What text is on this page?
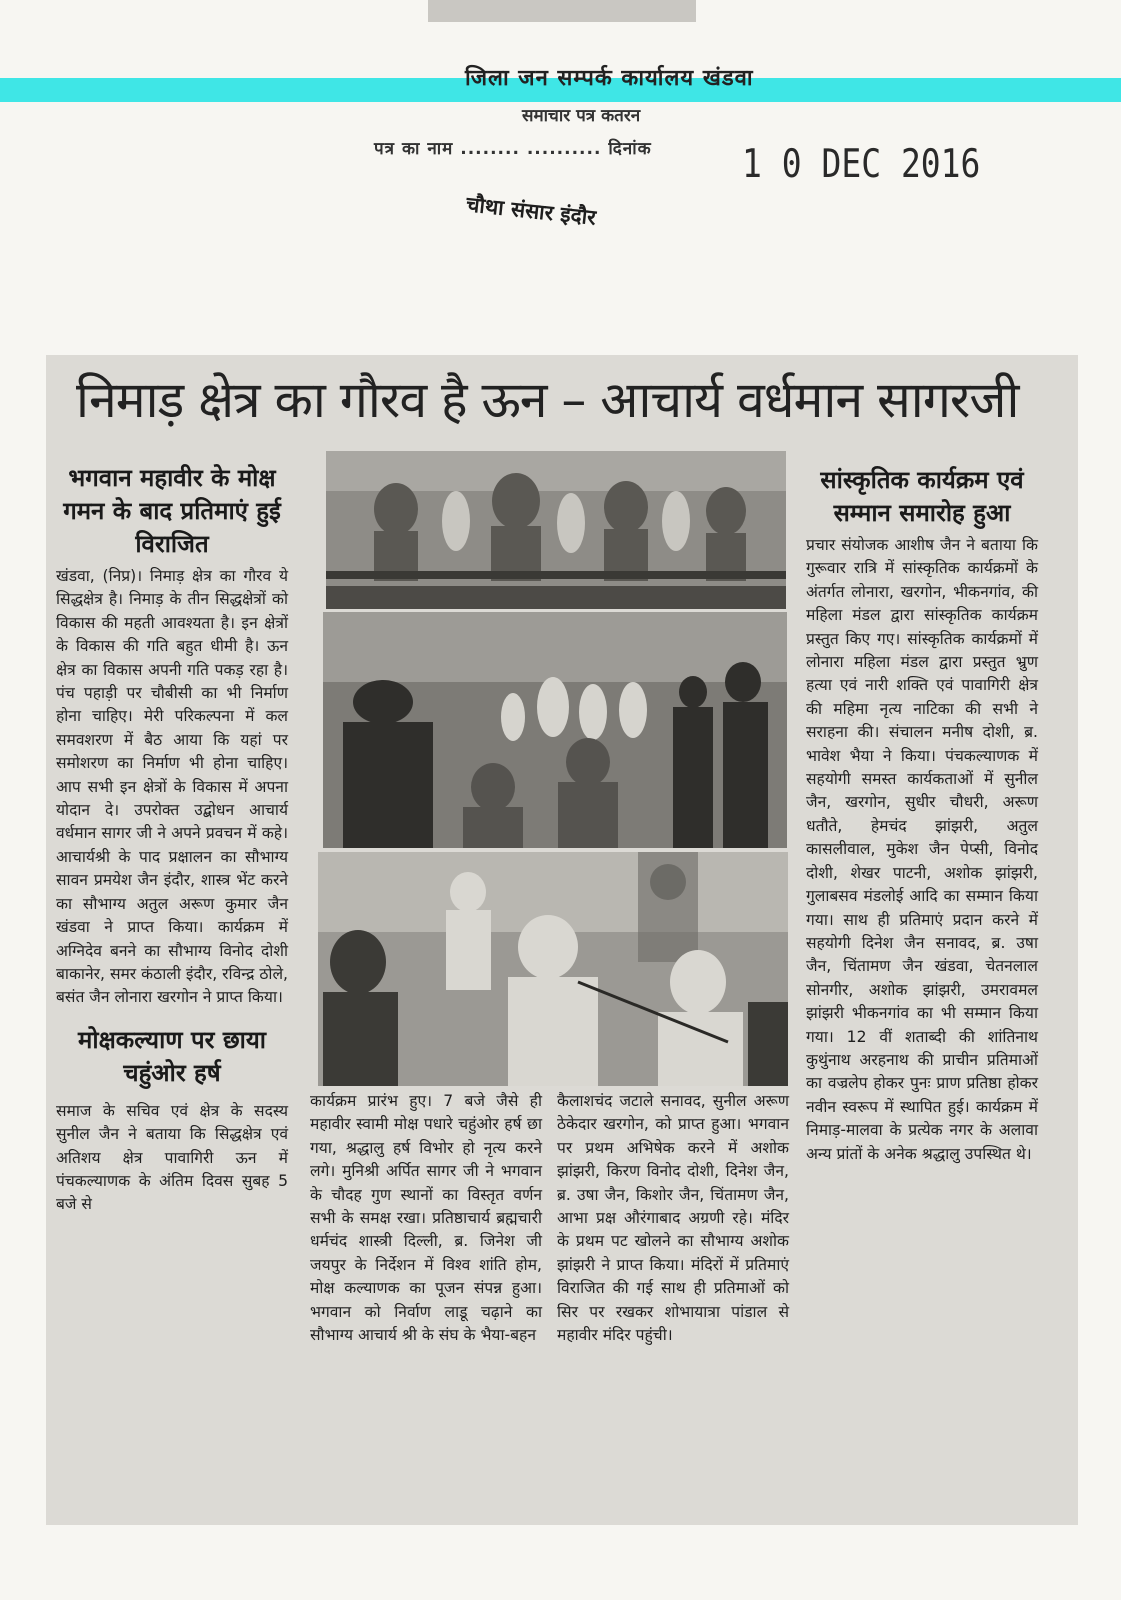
जिला जन सम्पर्क कार्यालय खंडवा
समाचार पत्र कतरन
पत्र का नाम ........ .......... दिनांक	1 0 DEC 2016
चौथा संसार इंदौर
निमाड़ क्षेत्र का गौरव है ऊन – आचार्य वर्धमान सागरजी
भगवान महावीर के मोक्ष गमन के बाद प्रतिमाएं हुई विराजित

खंडवा, (निप्र)। निमाड़ क्षेत्र का गौरव ये सिद्धक्षेत्र है। निमाड़ के तीन सिद्धक्षेत्रों को विकास की महती आवश्यता है। इन क्षेत्रों के विकास की गति बहुत धीमी है। ऊन क्षेत्र का विकास अपनी गति पकड़ रहा है। पंच पहाड़ी पर चौबीसी का भी निर्माण होना चाहिए। मेरी परिकल्पना में कल समवशरण में बैठ आया कि यहां पर समोशरण का निर्माण भी होना चाहिए। आप सभी इन क्षेत्रों के विकास में अपना योदान दे। उपरोक्त उद्बोधन आचार्य वर्धमान सागर जी ने अपने प्रवचन में कहे। आचार्यश्री के पाद प्रक्षालन का सौभाग्य सावन प्रमयेश जैन इंदौर, शास्त्र भेंट करने का सौभाग्य अतुल अरूण कुमार जैन खंडवा ने प्राप्त किया। कार्यक्रम में अग्निदेव बनने का सौभाग्य विनोद दोशी बाकानेर, समर कंठाली इंदौर, रविन्द्र ठोले, बसंत जैन लोनारा खरगोन ने प्राप्त किया।

मोक्षकल्याण पर छाया चहुंओर हर्ष

समाज के सचिव एवं क्षेत्र के सदस्य सुनील जैन ने बताया कि सिद्धक्षेत्र एवं अतिशय क्षेत्र पावागिरी ऊन में पंचकल्याणक के अंतिम दिवस सुबह 5 बजे से

कार्यक्रम प्रारंभ हुए। 7 बजे जैसे ही महावीर स्वामी मोक्ष पधारे चहुंओर हर्ष छा गया, श्रद्धालु हर्ष विभोर हो नृत्य करने लगे। मुनिश्री अर्पित सागर जी ने भगवान के चौदह गुण स्थानों का विस्तृत वर्णन सभी के समक्ष रखा। प्रतिष्ठाचार्य ब्रह्मचारी धर्मचंद शास्त्री दिल्ली, ब्र. जिनेश जी जयपुर के निर्देशन में विश्व शांति होम, मोक्ष कल्याणक का पूजन संपन्न हुआ। भगवान को निर्वाण लाडू चढ़ाने का सौभाग्य आचार्य श्री के संघ के भैया-बहन

कैलाशचंद जटाले सनावद, सुनील अरूण ठेकेदार खरगोन, को प्राप्त हुआ। भगवान पर प्रथम अभिषेक करने में अशोक झांझरी, किरण विनोद दोशी, दिनेश जैन, ब्र. उषा जैन, किशोर जैन, चिंतामण जैन, आभा प्रक्ष औरंगाबाद अग्रणी रहे। मंदिर के प्रथम पट खोलने का सौभाग्य अशोक झांझरी ने प्राप्त किया। मंदिरों में प्रतिमाएं विराजित की गई साथ ही प्रतिमाओं को सिर पर रखकर शोभायात्रा पांडाल से महावीर मंदिर पहुंची।

सांस्कृतिक कार्यक्रम एवं सम्मान समारोह हुआ

प्रचार संयोजक आशीष जैन ने बताया कि गुरूवार रात्रि में सांस्कृतिक कार्यक्रमों के अंतर्गत लोनारा, खरगोन, भीकनगांव, की महिला मंडल द्वारा सांस्कृतिक कार्यक्रम प्रस्तुत किए गए। सांस्कृतिक कार्यक्रमों में लोनारा महिला मंडल द्वारा प्रस्तुत भ्रुण हत्या एवं नारी शक्ति एवं पावागिरी क्षेत्र की महिमा नृत्य नाटिका की सभी ने सराहना की। संचालन मनीष दोशी, ब्र. भावेश भैया ने किया। पंचकल्याणक में सहयोगी समस्त कार्यकताओं में सुनील जैन, खरगोन, सुधीर चौधरी, अरूण धतौते, हेमचंद झांझरी, अतुल कासलीवाल, मुकेश जैन पेप्सी, विनोद दोशी, शेखर पाटनी, अशोक झांझरी, गुलाबसव मंडलोई आदि का सम्मान किया गया। साथ ही प्रतिमाएं प्रदान करने में सहयोगी दिनेश जैन सनावद, ब्र. उषा जैन, चिंतामण जैन खंडवा, चेतनलाल सोनगीर, अशोक झांझरी, उमरावमल झांझरी भीकनगांव का भी सम्मान किया गया। 12 वीं शताब्दी की शांतिनाथ कुथुंनाथ अरहनाथ की प्राचीन प्रतिमाओं का वज्रलेप होकर पुनः प्राण प्रतिष्ठा होकर नवीन स्वरूप में स्थापित हुई। कार्यक्रम में निमाड़-मालवा के प्रत्येक नगर के अलावा अन्य प्रांतों के अनेक श्रद्धालु उपस्थित थे।
